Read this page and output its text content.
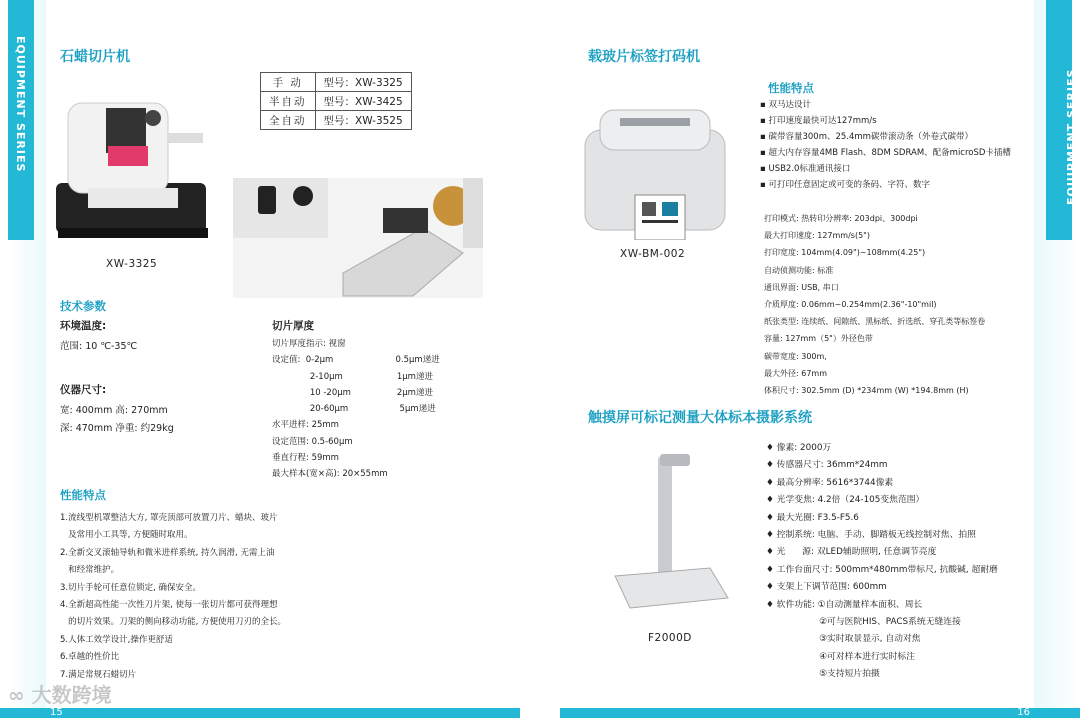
EQUIPMENT SERIES 石蜡切片机
XW-3325
手 动	型号：XW-3325
半自动	型号：XW-3425
全自动	型号：XW-3525
技术参数
环境温度:
范围: 10 ℃-35℃
仪器尺寸:
宽: 400mm 高: 270mm
深: 470mm 净重: 约29kg
切片厚度
切片厚度指示: 视窗
设定值:  0-2μm                       0.5μm递进
2-10μm                    1μm递进
10 -20μm                 2μm递进
20-60μm                   5μm递进
水平进样: 25mm
设定范围: 0.5-60μm
垂直行程: 59mm
最大样本(宽×高): 20×55mm
性能特点
1.流线型机罩整洁大方, 罩壳顶部可放置刀片、蜡块、玻片
及常用小工具等, 方便随时取用。
2.全新交叉滚轴导轨和微米进样系统, 持久润滑, 无需上油
和经常维护。
3.切片手轮可任意位锁定, 确保安全。
4.全新超高性能一次性刀片架, 使每一张切片都可获得理想
的切片效果。刀架的侧向移动功能, 方便使用刀刃的全长。
5.人体工效学设计,操作更舒适
6.卓越的性价比
7.满足常规石蜡切片
∞ 大数跨境
15
EQUIPMENT SERIES
载玻片标签打码机
XW-BM-002
性能特点
▪ 双马达设计
▪ 打印速度最快可达127mm/s
▪ 碳带容量300m、25.4mm碳带滚动条（外卷式碳带）
▪ 超大内存容量4MB Flash、8DM SDRAM、配备microSD卡插槽
▪ USB2.0标准通讯接口
▪ 可打印任意固定或可变的条码、字符、数字
打印模式: 热转印分辨率: 203dpi、300dpi
最大打印速度: 127mm/s(5")
打印宽度: 104mm(4.09")~108mm(4.25")
自动侦测功能: 标准
通讯界面: USB, 串口
介质厚度: 0.06mm~0.254mm(2.36"-10"mil)
纸张类型: 连续纸、间隙纸、黑标纸、折选纸、穿孔类等标签卷
容量: 127mm（5"）外径色带
碳带宽度: 300m,
最大外径: 67mm
体积尺寸: 302.5mm (D) *234mm (W) *194.8mm (H)
触摸屏可标记测量大体标本摄影系统
F2000D
♦ 像素: 2000万
♦ 传感器尺寸: 36mm*24mm
♦ 最高分辨率: 5616*3744像素
♦ 光学变焦: 4.2倍（24-105变焦范围）
♦ 最大光圈: F3.5-F5.6
♦ 控制系统: 电脑、手动、脚踏板无线控制对焦、拍照
♦ 光      源: 双LED辅助照明, 任意调节亮度
♦ 工作台面尺寸: 500mm*480mm带标尺, 抗酸碱, 超耐磨
♦ 支架上下调节范围: 600mm
♦ 软件功能: ①自动测量样本面积、周长
②可与医院HIS、PACS系统无缝连接
③实时取景显示, 自动对焦
④可对样本进行实时标注
⑤支持短片拍摄
16
